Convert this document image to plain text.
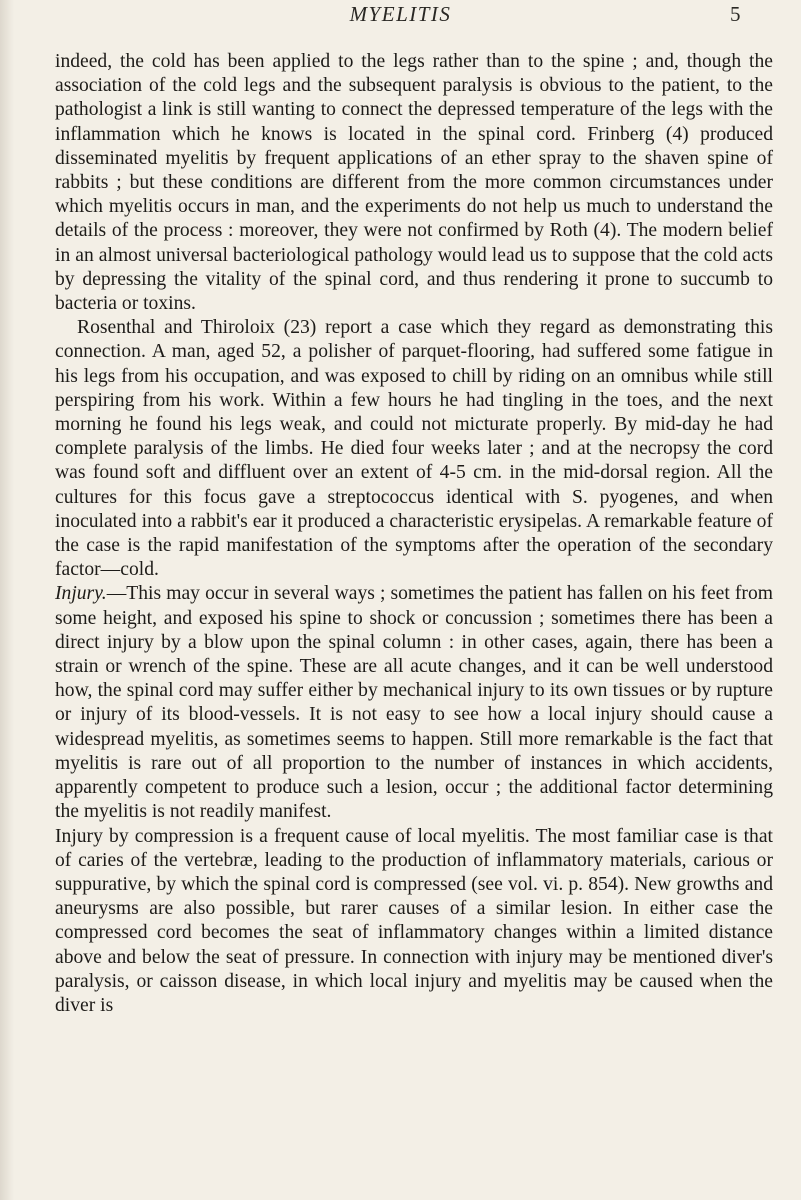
MYELITIS	5

indeed, the cold has been applied to the legs rather than to the spine ; and, though the association of the cold legs and the subsequent paralysis is obvious to the patient, to the pathologist a link is still wanting to connect the depressed temperature of the legs with the inflammation which he knows is located in the spinal cord. Frinberg (4) produced disseminated myelitis by frequent applications of an ether spray to the shaven spine of rabbits ; but these conditions are different from the more common circumstances under which myelitis occurs in man, and the experiments do not help us much to understand the details of the process : moreover, they were not confirmed by Roth (4). The modern belief in an almost universal bacteriological pathology would lead us to suppose that the cold acts by depressing the vitality of the spinal cord, and thus rendering it prone to succumb to bacteria or toxins.

Rosenthal and Thiroloix (23) report a case which they regard as demonstrating this connection. A man, aged 52, a polisher of parquet-flooring, had suffered some fatigue in his legs from his occupation, and was exposed to chill by riding on an omnibus while still perspiring from his work. Within a few hours he had tingling in the toes, and the next morning he found his legs weak, and could not micturate properly. By mid-day he had complete paralysis of the limbs. He died four weeks later ; and at the necropsy the cord was found soft and diffluent over an extent of 4-5 cm. in the mid-dorsal region. All the cultures for this focus gave a streptococcus identical with S. pyogenes, and when inoculated into a rabbit's ear it produced a characteristic erysipelas. A remarkable feature of the case is the rapid manifestation of the symptoms after the operation of the secondary factor—cold.

Injury.—This may occur in several ways ; sometimes the patient has fallen on his feet from some height, and exposed his spine to shock or concussion ; sometimes there has been a direct injury by a blow upon the spinal column : in other cases, again, there has been a strain or wrench of the spine. These are all acute changes, and it can be well understood how, the spinal cord may suffer either by mechanical injury to its own tissues or by rupture or injury of its blood-vessels. It is not easy to see how a local injury should cause a widespread myelitis, as sometimes seems to happen. Still more remarkable is the fact that myelitis is rare out of all proportion to the number of instances in which accidents, apparently competent to produce such a lesion, occur ; the additional factor determining the myelitis is not readily manifest.

Injury by compression is a frequent cause of local myelitis. The most familiar case is that of caries of the vertebræ, leading to the production of inflammatory materials, carious or suppurative, by which the spinal cord is compressed (see vol. vi. p. 854). New growths and aneurysms are also possible, but rarer causes of a similar lesion. In either case the compressed cord becomes the seat of inflammatory changes within a limited distance above and below the seat of pressure. In connection with injury may be mentioned diver's paralysis, or caisson disease, in which local injury and myelitis may be caused when the diver is
